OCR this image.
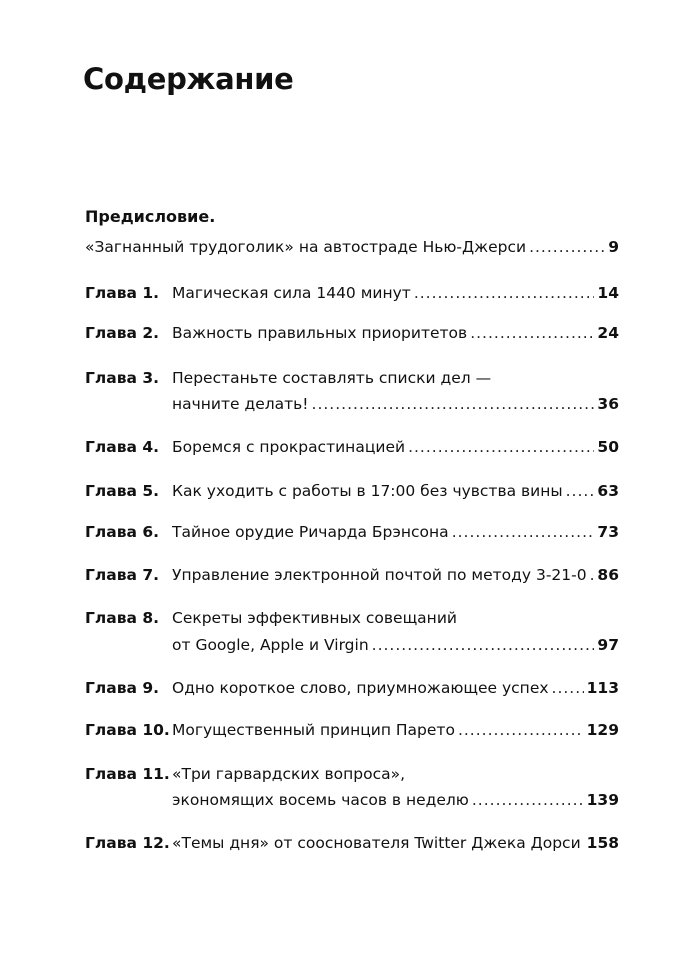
Содержание
Предисловие.
«Загнанный трудоголик» на автостраде Нью-Джерси .....	9
Глава 1. Магическая сила 1440 минут .....	14
Глава 2. Важность правильных приоритетов .....	24
Глава 3. Перестаньте составлять списки дел —
начните делать! .....	36
Глава 4. Боремся с прокрастинацией .....	50
Глава 5. Как уходить с работы в 17:00 без чувства вины ..... 63
Глава 6. Тайное орудие Ричарда Брэнсона .....	73
Глава 7. Управление электронной почтой по методу 3-21-0 ..... 86
Глава 8. Секреты эффективных совещаний
от Google, Apple и Virgin .....	97
Глава 9. Одно короткое слово, приумножающее успех ..... 113
Глава 10. Могущественный принцип Парето .....	129
Глава 11. «Три гарвардских вопроса»,
экономящих восемь часов в неделю .....	139
Глава 12. «Темы дня» от сооснователя Twitter Джека Дорси 158
